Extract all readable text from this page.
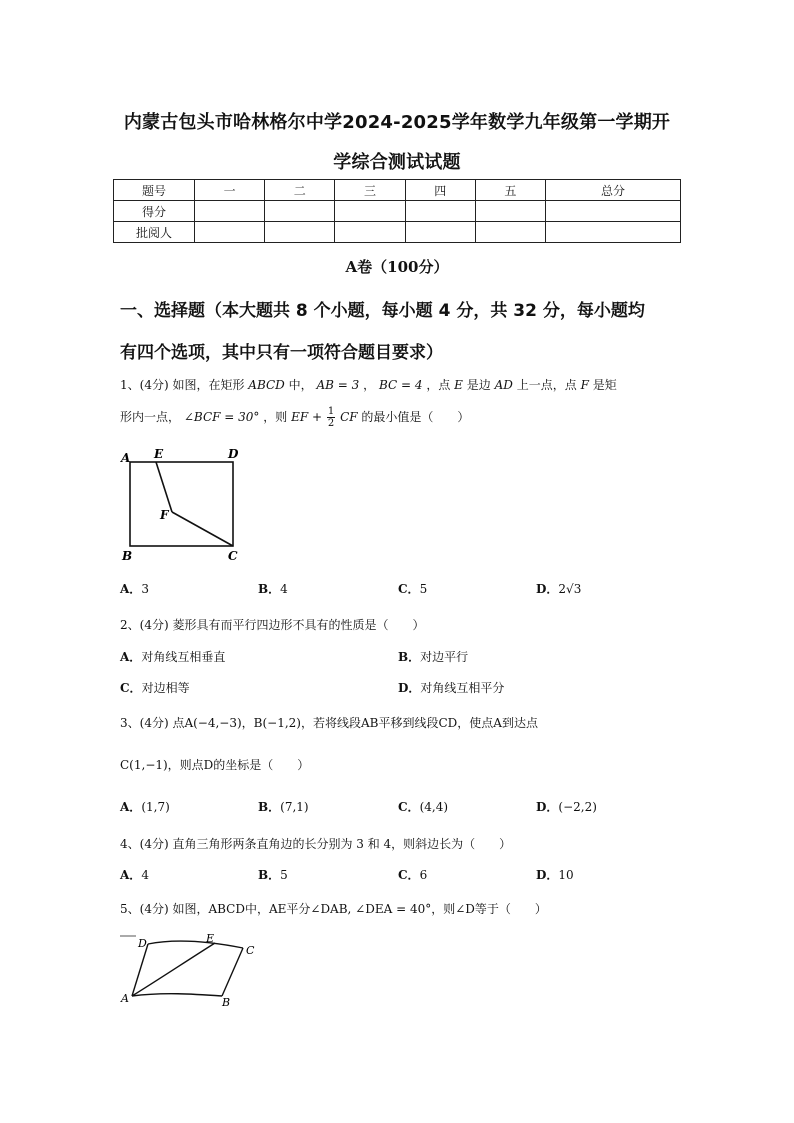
内蒙古包头市哈林格尔中学2024-2025学年数学九年级第一学期开
学综合测试试题
题号	一	二	三	四	五	总分
得分						
批阅人						
A卷（100分）
一、选择题（本大题共 8 个小题，每小题 4 分，共 32 分，每小题均
有四个选项，其中只有一项符合题目要求）
1、(4分) 如图，在矩形 ABCD 中， AB = 3 ， BC = 4 ，点 E 是边 AD 上一点，点 F 是矩
形内一点， ∠BCF = 30° ，则 EF + $\frac{1}{2}$ CF 的最小值是（　　）
A E	D
F
B	C
A．3	B．4	C．5	D．2√3
2、(4分) 菱形具有而平行四边形不具有的性质是（　　）
A．对角线互相垂直	B．对边平行
C．对边相等	D．对角线互相平分
3、(4分) 点A(−4,−3)，B(−1,2)，若将线段AB平移到线段CD，使点A到达点
C(1,−1)，则点D的坐标是（　　）
A．(1,7)	B．(7,1)	C．(4,4)	D．(−2,2)
4、(4分) 直角三角形两条直角边的长分别为 3 和 4，则斜边长为（　　）
A．4	B．5	C．6	D．10
5、(4分) 如图，ABCD中，AE平分∠DAB, ∠DEA = 40°，则∠D等于（　　）
D	E
C
A	B
